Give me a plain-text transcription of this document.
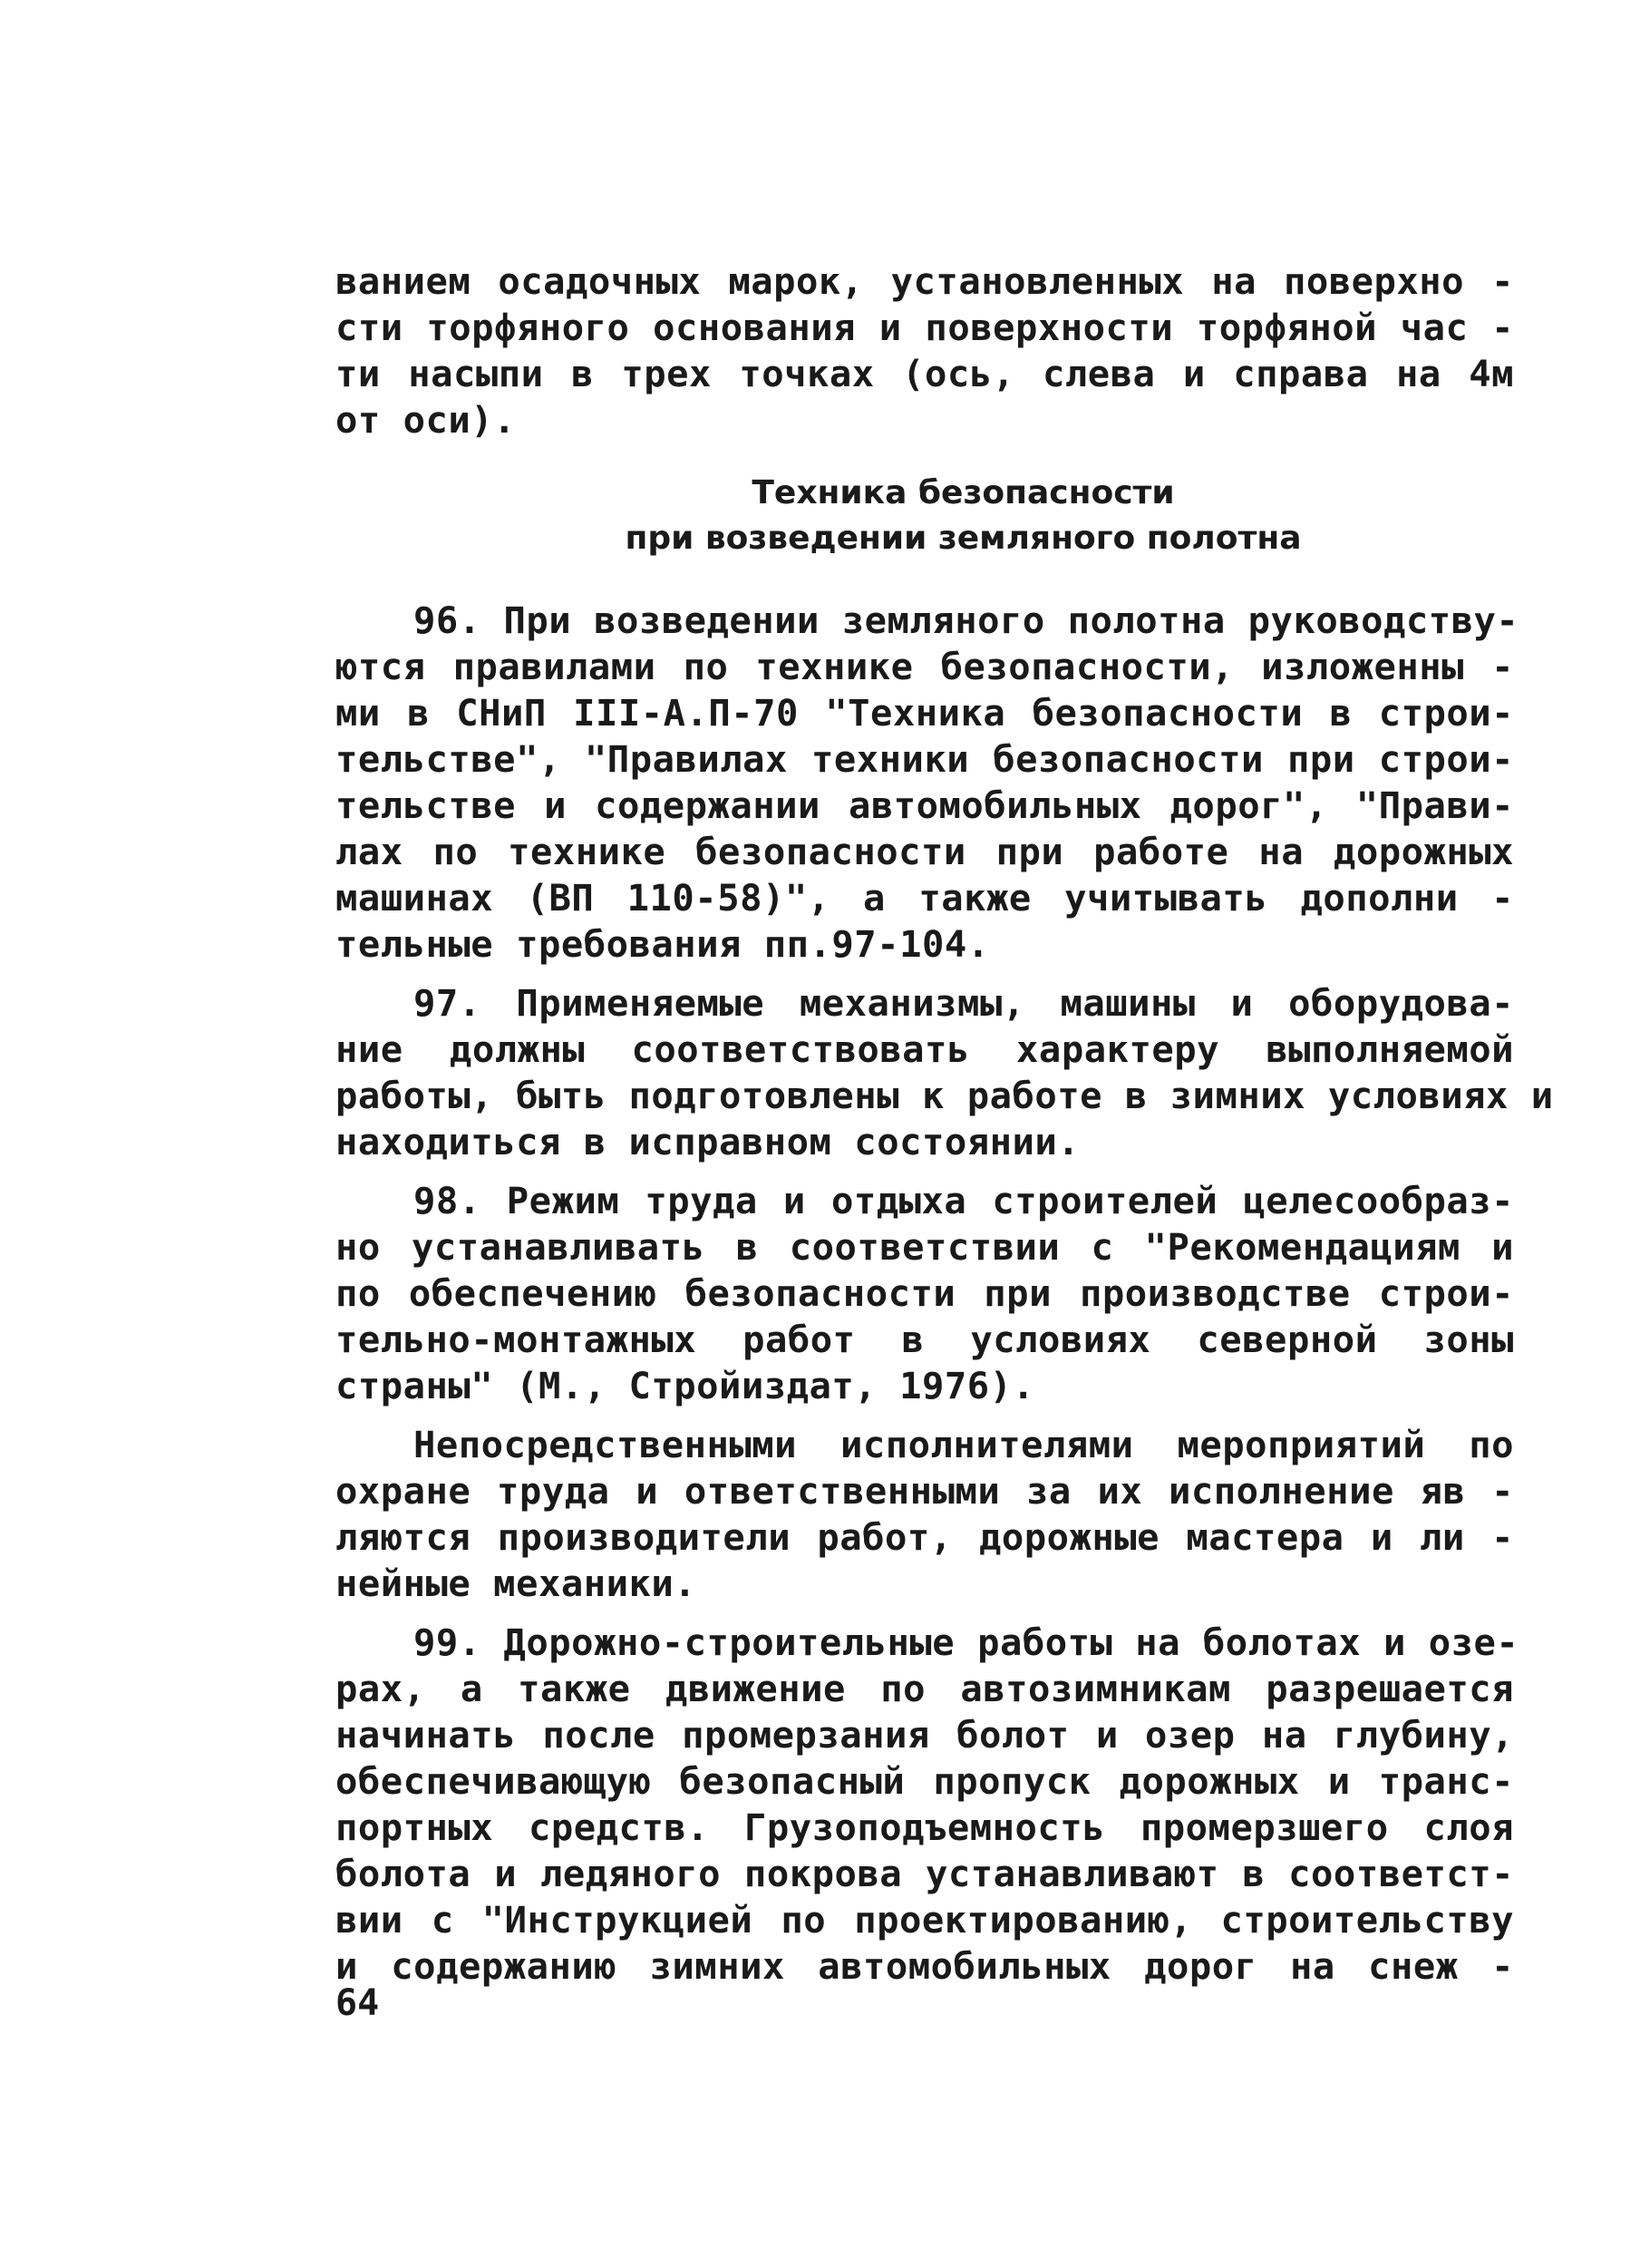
ванием осадочных марок, установленных на поверхно -
сти торфяного основания и поверхности торфяной час -
ти насыпи в трех точках (ось, слева и справа на 4м
от оси).
Техника безопасности
при возведении земляного полотна
96. При возведении земляного полотна руководству-
ются правилами по технике безопасности, изложенны -
ми в СНиП III-А.П-70 "Техника безопасности в строи-
тельстве", "Правилах техники безопасности при строи-
тельстве и содержании автомобильных дорог", "Прави-
лах по технике безопасности при работе на дорожных
машинах (ВП 110-58)", а также учитывать дополни -
тельные требования пп.97-104.
97. Применяемые механизмы, машины и оборудова-
ние должны соответствовать характеру выполняемой
работы, быть подготовлены к работе в зимних условиях и
находиться в исправном состоянии.
98. Режим труда и отдыха строителей целесообраз-
но устанавливать в соответствии с "Рекомендациям и
по обеспечению безопасности при производстве строи-
тельно-монтажных работ в условиях северной зоны
страны" (М., Стройиздат, 1976).
Непосредственными исполнителями мероприятий по
охране труда и ответственными за их исполнение яв -
ляются производители работ, дорожные мастера и ли -
нейные механики.
99. Дорожно-строительные работы на болотах и озе-
рах, а также движение по автозимникам разрешается
начинать после промерзания болот и озер на глубину,
обеспечивающую безопасный пропуск дорожных и транс-
портных средств. Грузоподъемность промерзшего слоя
болота и ледяного покрова устанавливают в соответст-
вии с "Инструкцией по проектированию, строительству
и содержанию зимних автомобильных дорог на снеж -
64
